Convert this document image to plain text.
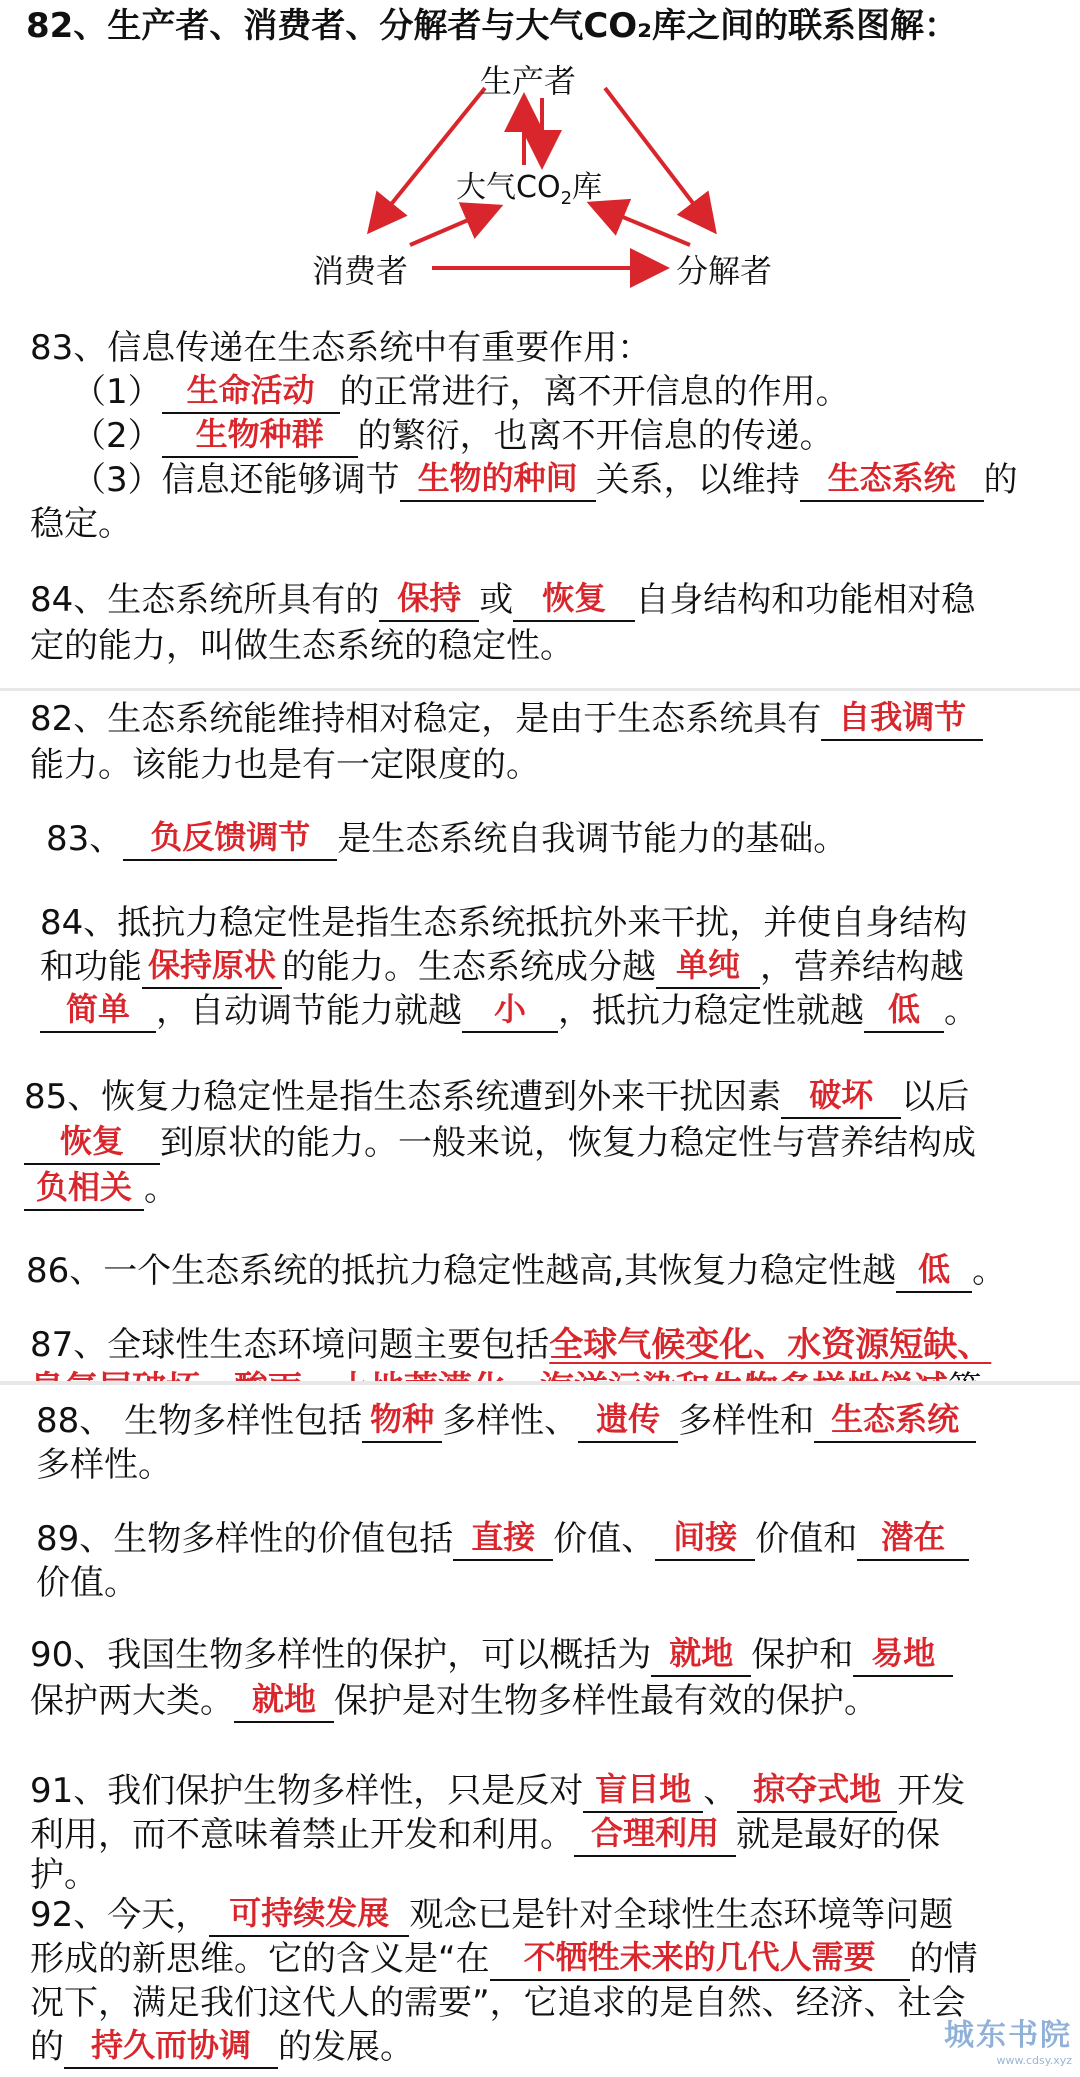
82、生产者、消费者、分解者与大气CO₂库之间的联系图解：
生产者
大气$CO_2$库
消费者	分解者
83、信息传递在生态系统中有重要作用：
（1） 生命活动 的正常进行，离不开信息的作用。
（2）	生物种群	的繁衍，也离不开信息的传递。
（3）信息还能够调节 生物的种间 关系，以维持 生态系统 的
稳定。
84、生态系统所具有的 保持 或 恢复 自身结构和功能相对稳
定的能力，叫做生态系统的稳定性。
82、生态系统能维持相对稳定，是由于生态系统具有 自我调节
能力。该能力也是有一定限度的。
83、 负反馈调节 是生态系统自我调节能力的基础。
84、抵抗力稳定性是指生态系统抵抗外来干扰，并使自身结构
和功能 保持原状 的能力。生态系统成分越 单纯 ，营养结构越
简单 ，自动调节能力就越 小 ，抵抗力稳定性就越 低 。
85、恢复力稳定性是指生态系统遭到外来干扰因素 破坏 以后
恢复	到原状的能力。一般来说，恢复力稳定性与营养结构成
负相关 。
86、一个生态系统的抵抗力稳定性越高,其恢复力稳定性越 低 。
87、全球性生态环境问题主要包括全球气候变化、水资源短缺、
88、 生物多样性包括 物种 多样性、 遗传 多样性和 生态系统
多样性。
89、生物多样性的价值包括 直接 价值、 间接 价值和 潜在
价值。
90、我国生物多样性的保护，可以概括为 就地 保护和 易地
保护两大类。 就地 保护是对生物多样性最有效的保护。
91、我们保护生物多样性，只是反对 盲目地 、 掠夺式地 开发
利用，而不意味着禁止开发和利用。 合理利用 就是最好的保
护。
92、今天， 可持续发展 观念已是针对全球性生态环境等问题
形成的新思维。它的含义是“在	不牺牲未来的几代人需要	的情
况下，满足我们这代人的需要”，它追求的是自然、经济、社会
的 持久而协调 的发展。	城东书院
www.cdsy.xyz
